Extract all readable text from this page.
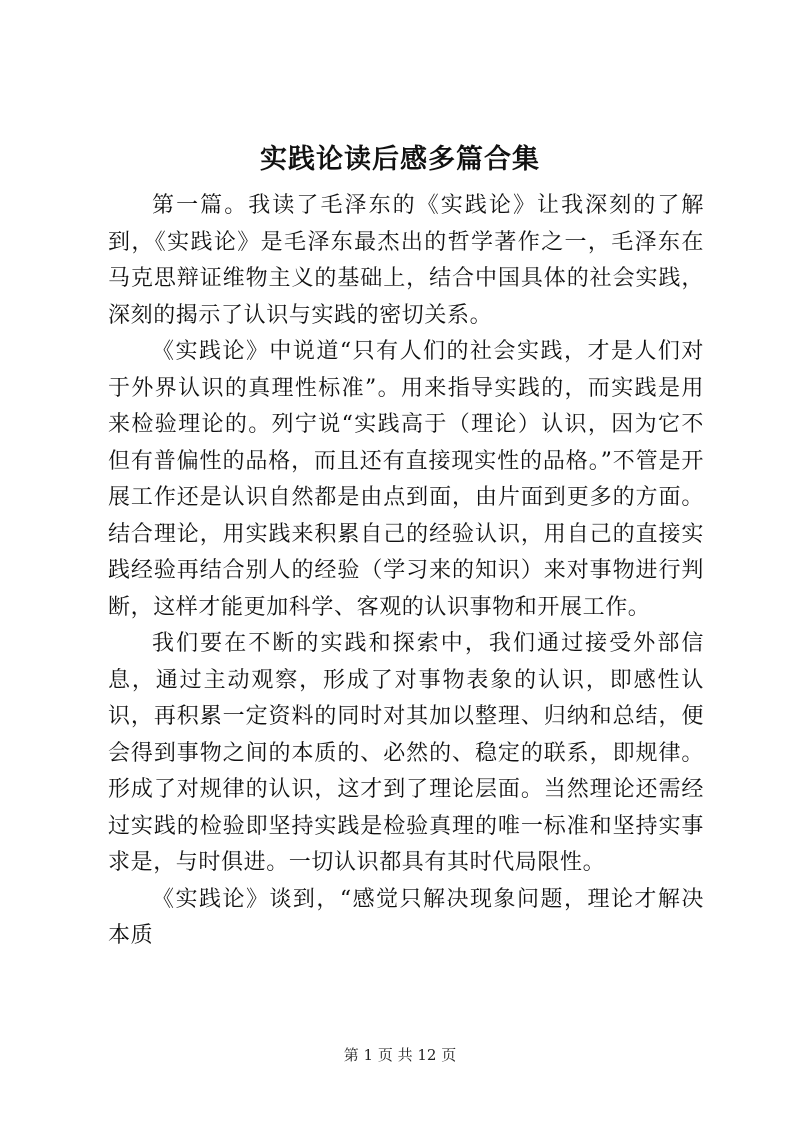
实践论读后感多篇合集

第一篇。我读了毛泽东的《实践论》让我深刻的了解到，《实践论》是毛泽东最杰出的哲学著作之一，毛泽东在马克思辩证维物主义的基础上，结合中国具体的社会实践，深刻的揭示了认识与实践的密切关系。

《实践论》中说道“只有人们的社会实践，才是人们对于外界认识的真理性标准”。用来指导实践的，而实践是用来检验理论的。列宁说“实践高于（理论）认识，因为它不但有普偏性的品格，而且还有直接现实性的品格。”不管是开展工作还是认识自然都是由点到面，由片面到更多的方面。结合理论，用实践来积累自己的经验认识，用自己的直接实践经验再结合别人的经验（学习来的知识）来对事物进行判断，这样才能更加科学、客观的认识事物和开展工作。

我们要在不断的实践和探索中，我们通过接受外部信息，通过主动观察，形成了对事物表象的认识，即感性认识，再积累一定资料的同时对其加以整理、归纳和总结，便会得到事物之间的本质的、必然的、稳定的联系，即规律。形成了对规律的认识，这才到了理论层面。当然理论还需经过实践的检验即坚持实践是检验真理的唯一标准和坚持实事求是，与时俱进。一切认识都具有其时代局限性。

《实践论》谈到，“感觉只解决现象问题，理论才解决本质

第 1 页 共 12 页
